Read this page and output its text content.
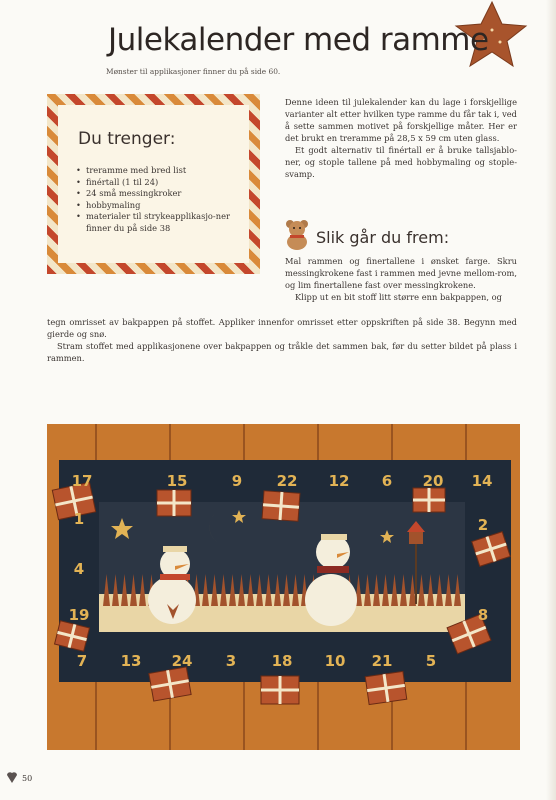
Julekalender med ramme
Mønster til applikasjoner finner du på side 60.
Du trenger:
• treramme med bred list
• finértall (1 til 24)
• 24 små messingkroker
• hobbymaling
• materialer til strykeapplikasjo-ner finner du på side 38

Denne ideen til julekalender kan du lage i forskjellige varianter alt etter hvilken type ramme du får tak i, ved å sette sammen motivet på forskjellige måter. Her er det brukt en treramme på 28,5 x 59 cm uten glass.

Et godt alternativ til finértall er å bruke tallsjablo-ner, og stople tallene på med hobbymaling og stople-svamp.

Slik går du frem:

Mal rammen og finertallene i ønsket farge. Skru messingkrokene fast i rammen med jevne mellom-rom, og lim finertallene fast over messingkrokene.

Klipp ut en bit stoff litt større enn bakpappen, og

tegn omrisset av bakpappen på stoffet. Appliker innenfor omrisset etter oppskriften på side 38. Begynn med gierde og snø.

Stram stoffet med applikasjonene over bakpappen og tråkle det sammen bak, før du setter bildet på plass i rammen.

17	15	9 22 12 6 20 14
7 13 24 3 18 10 21 5
1
4
19
2
8
50
